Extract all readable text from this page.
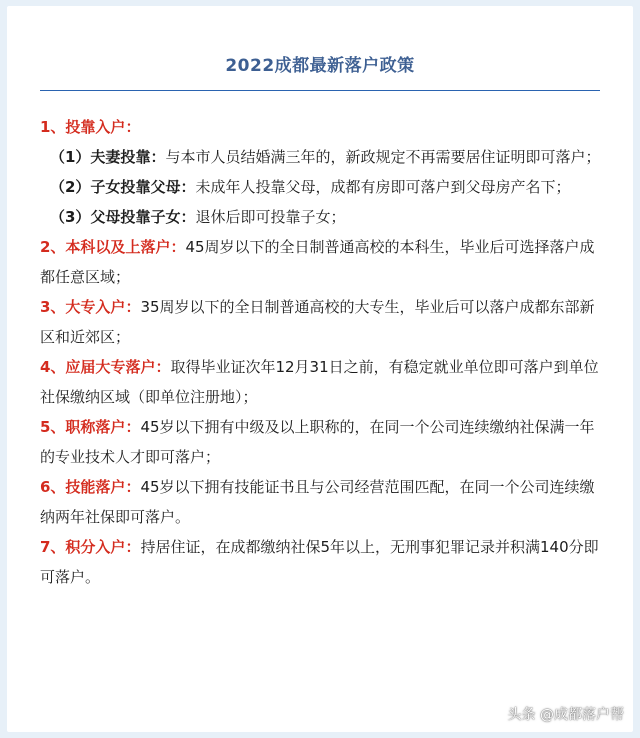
2022成都最新落户政策

1、投靠入户：

（1）夫妻投靠：与本市人员结婚满三年的，新政规定不再需要居住证明即可落户；

（2）子女投靠父母：未成年人投靠父母，成都有房即可落户到父母房产名下；

（3）父母投靠子女：退休后即可投靠子女；

2、本科以及上落户：45周岁以下的全日制普通高校的本科生，毕业后可选择落户成都任意区域；

3、大专入户：35周岁以下的全日制普通高校的大专生，毕业后可以落户成都东部新区和近郊区；

4、应届大专落户：取得毕业证次年12月31日之前，有稳定就业单位即可落户到单位社保缴纳区域（即单位注册地）；

5、职称落户：45岁以下拥有中级及以上职称的，在同一个公司连续缴纳社保满一年的专业技术人才即可落户；

6、技能落户：45岁以下拥有技能证书且与公司经营范围匹配，在同一个公司连续缴纳两年社保即可落户。

7、积分入户：持居住证，在成都缴纳社保5年以上，无刑事犯罪记录并积满140分即可落户。

头条 @成都落户帮
